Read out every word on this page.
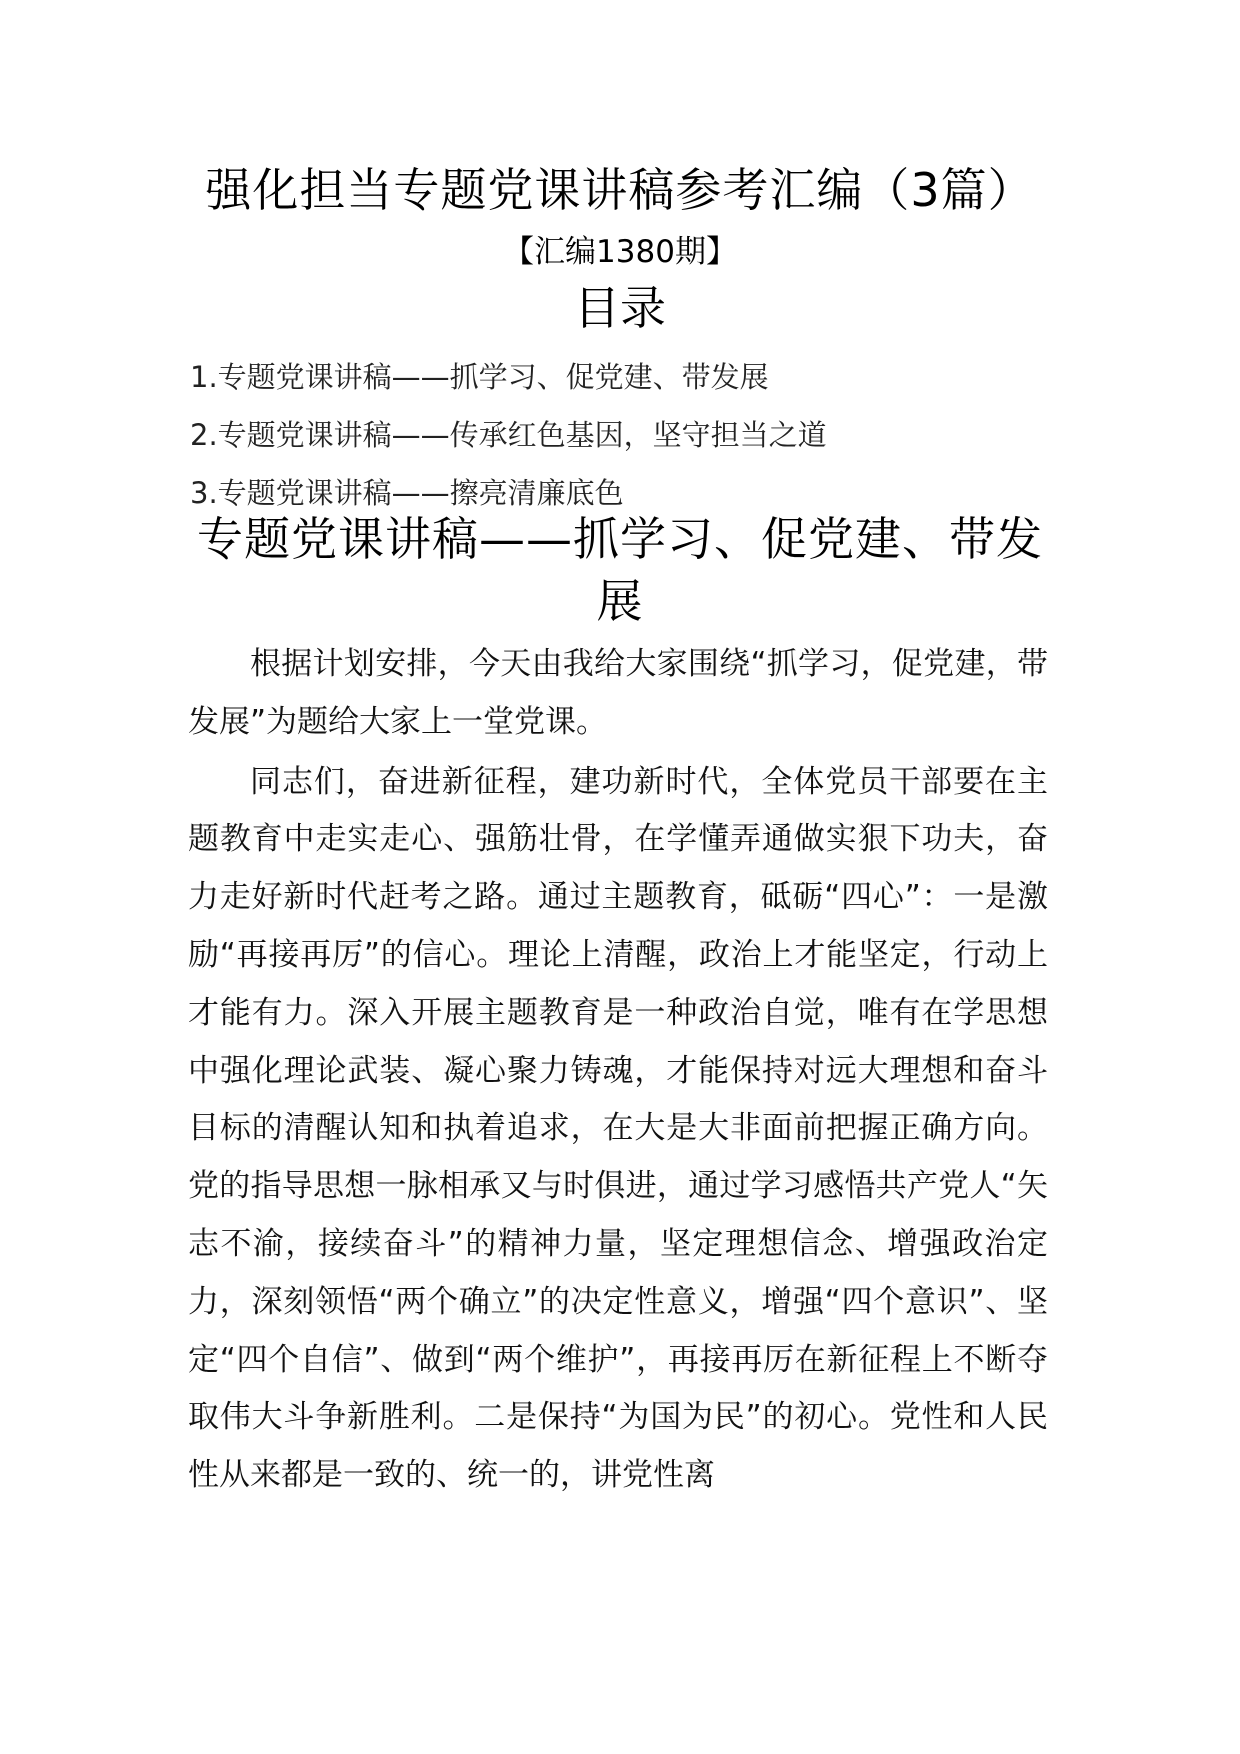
强化担当专题党课讲稿参考汇编（3篇）
【汇编1380期】
目录
1.专题党课讲稿——抓学习、促党建、带发展
2.专题党课讲稿——传承红色基因，坚守担当之道
3.专题党课讲稿——擦亮清廉底色
专题党课讲稿——抓学习、促党建、带发展

根据计划安排，今天由我给大家围绕“抓学习，促党建，带发展”为题给大家上一堂党课。

同志们，奋进新征程，建功新时代，全体党员干部要在主题教育中走实走心、强筋壮骨，在学懂弄通做实狠下功夫，奋力走好新时代赶考之路。通过主题教育，砥砺“四心”：一是激励“再接再厉”的信心。理论上清醒，政治上才能坚定，行动上才能有力。深入开展主题教育是一种政治自觉，唯有在学思想中强化理论武装、凝心聚力铸魂，才能保持对远大理想和奋斗目标的清醒认知和执着追求，在大是大非面前把握正确方向。党的指导思想一脉相承又与时俱进，通过学习感悟共产党人“矢志不渝，接续奋斗”的精神力量，坚定理想信念、增强政治定力，深刻领悟“两个确立”的决定性意义，增强“四个意识”、坚定“四个自信”、做到“两个维护”，再接再厉在新征程上不断夺取伟大斗争新胜利。二是保持“为国为民”的初心。党性和人民性从来都是一致的、统一的，讲党性离
